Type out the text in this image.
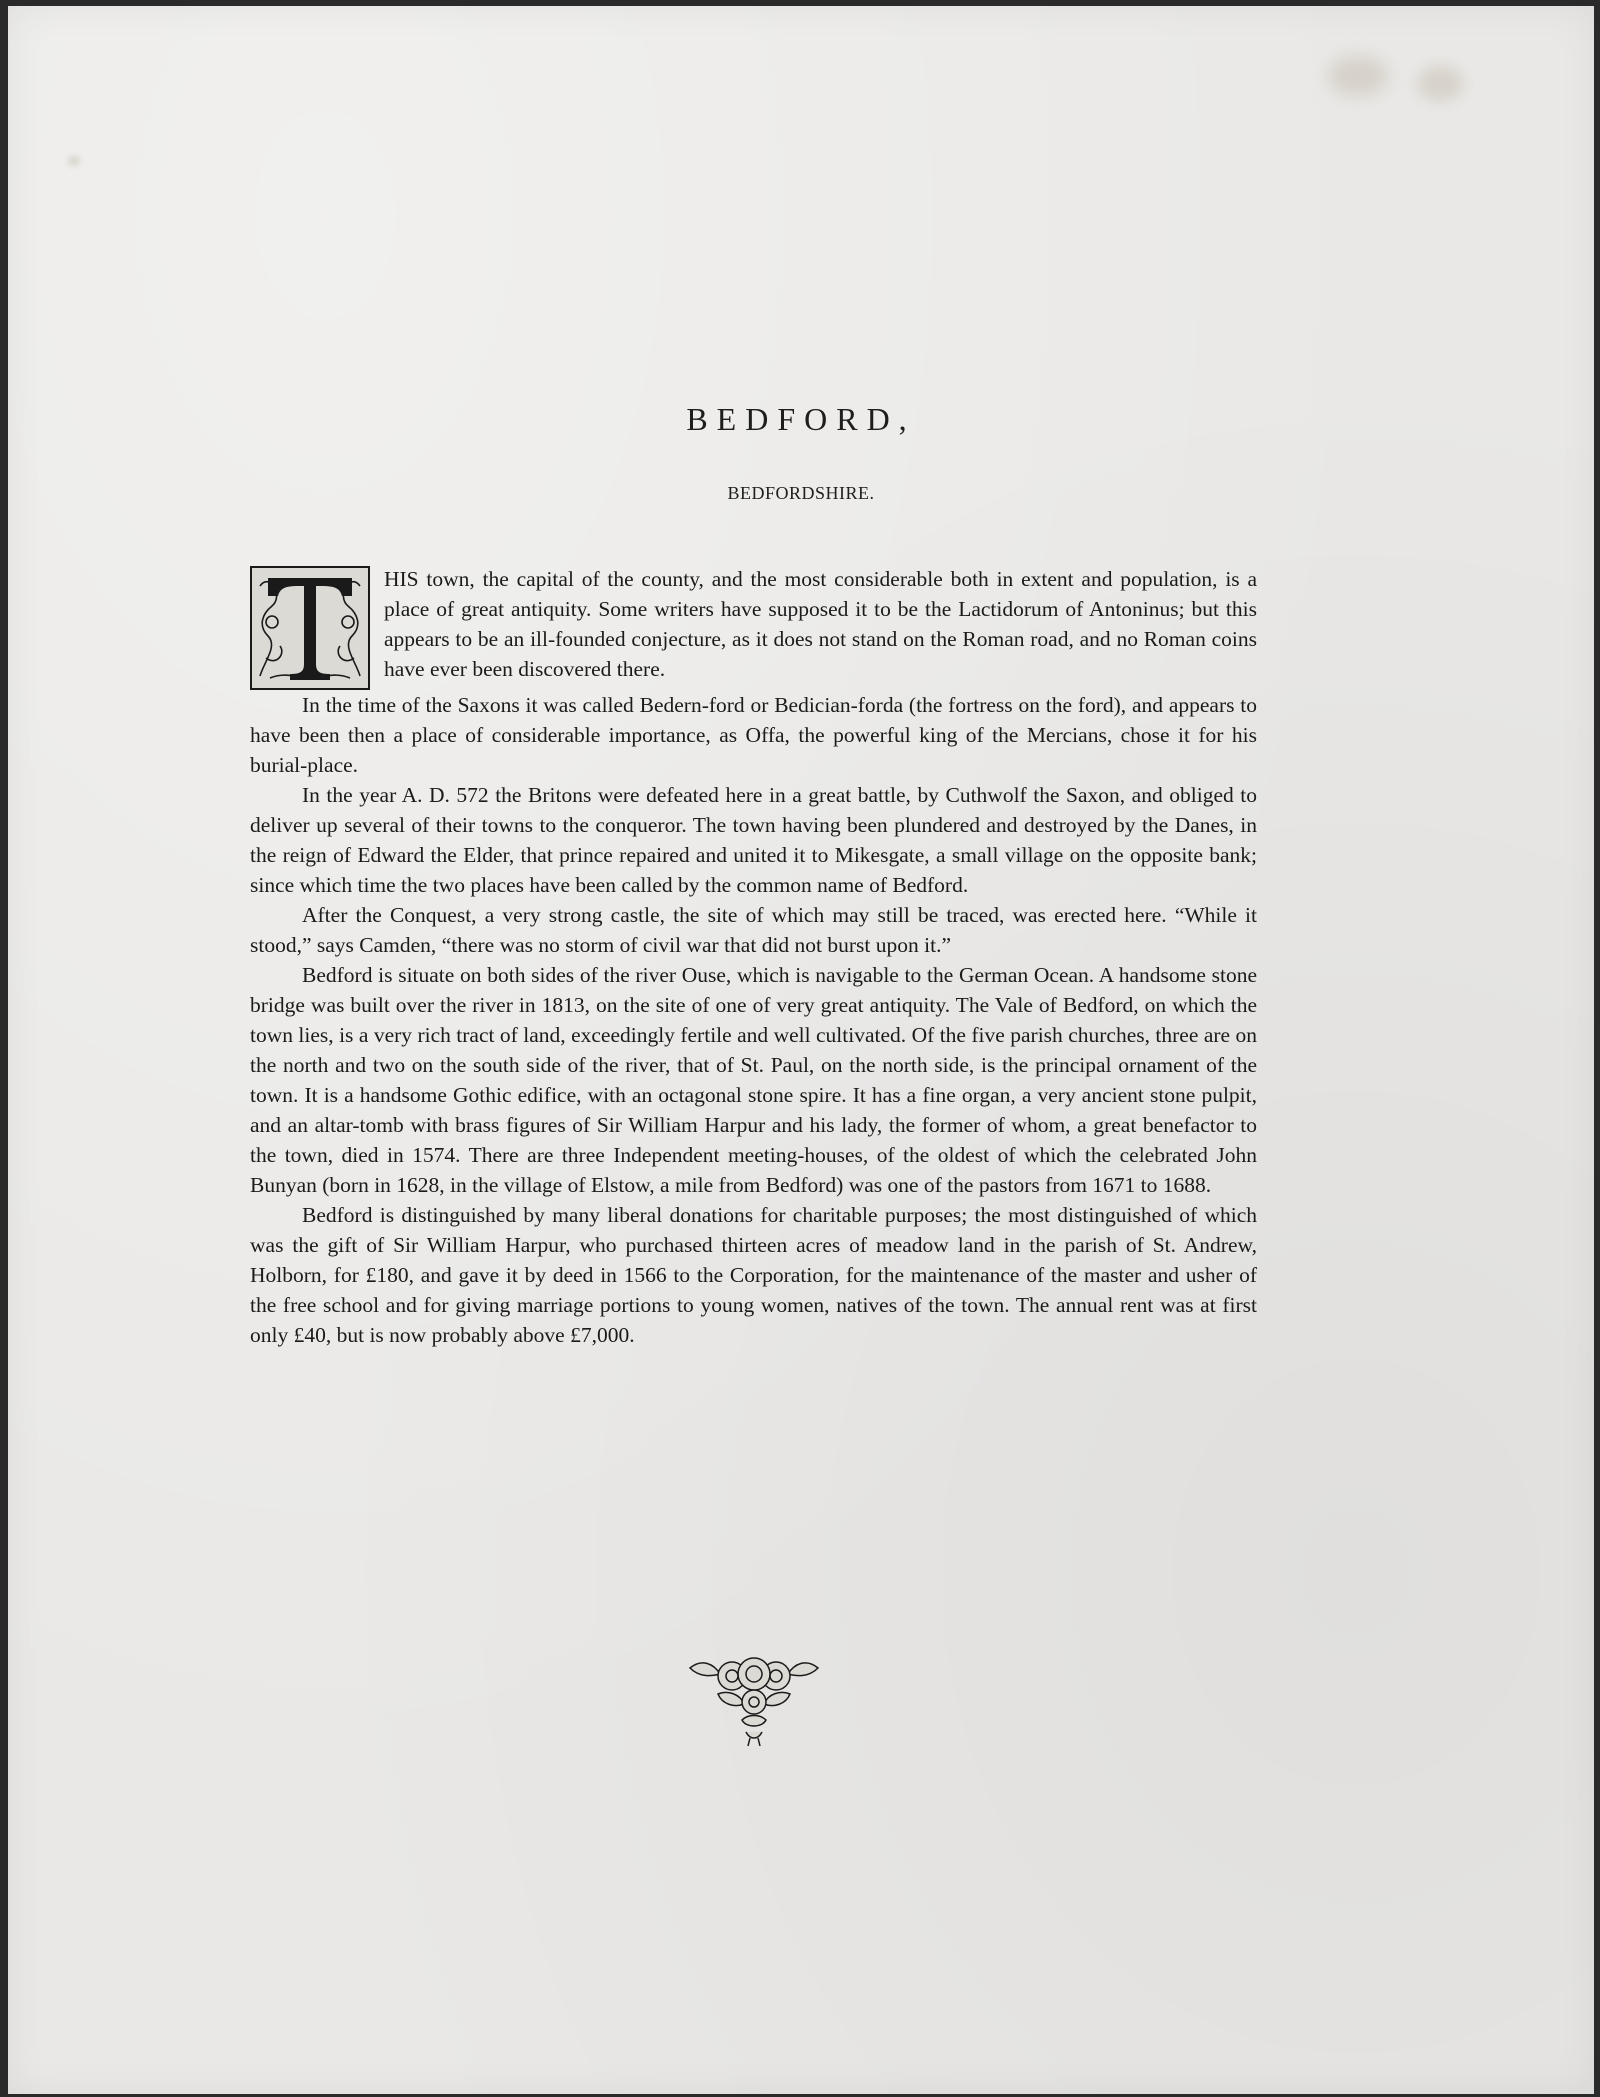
BEDFORD,
BEDFORDSHIRE.

HIS town, the capital of the county, and the most considerable both in extent and population, is a place of great antiquity. Some writers have supposed it to be the Lactidorum of Antoninus; but this appears to be an ill-founded conjecture, as it does not stand on the Roman road, and no Roman coins have ever been discovered there.

In the time of the Saxons it was called Bedern-ford or Bedician-forda (the fortress on the ford), and appears to have been then a place of considerable importance, as Offa, the powerful king of the Mercians, chose it for his burial-place.

In the year A. D. 572 the Britons were defeated here in a great battle, by Cuthwolf the Saxon, and obliged to deliver up several of their towns to the conqueror. The town having been plundered and destroyed by the Danes, in the reign of Edward the Elder, that prince repaired and united it to Mikesgate, a small village on the opposite bank; since which time the two places have been called by the common name of Bedford.

After the Conquest, a very strong castle, the site of which may still be traced, was erected here. “While it stood,” says Camden, “there was no storm of civil war that did not burst upon it.”

Bedford is situate on both sides of the river Ouse, which is navigable to the German Ocean. A handsome stone bridge was built over the river in 1813, on the site of one of very great antiquity. The Vale of Bedford, on which the town lies, is a very rich tract of land, exceedingly fertile and well cultivated. Of the five parish churches, three are on the north and two on the south side of the river, that of St. Paul, on the north side, is the principal ornament of the town. It is a handsome Gothic edifice, with an octagonal stone spire. It has a fine organ, a very ancient stone pulpit, and an altar-tomb with brass figures of Sir William Harpur and his lady, the former of whom, a great benefactor to the town, died in 1574. There are three Independent meeting-houses, of the oldest of which the celebrated John Bunyan (born in 1628, in the village of Elstow, a mile from Bedford) was one of the pastors from 1671 to 1688.

Bedford is distinguished by many liberal donations for charitable purposes; the most distinguished of which was the gift of Sir William Harpur, who purchased thirteen acres of meadow land in the parish of St. Andrew, Holborn, for £180, and gave it by deed in 1566 to the Corporation, for the maintenance of the master and usher of the free school and for giving marriage portions to young women, natives of the town. The annual rent was at first only £40, but is now probably above £7,000.
